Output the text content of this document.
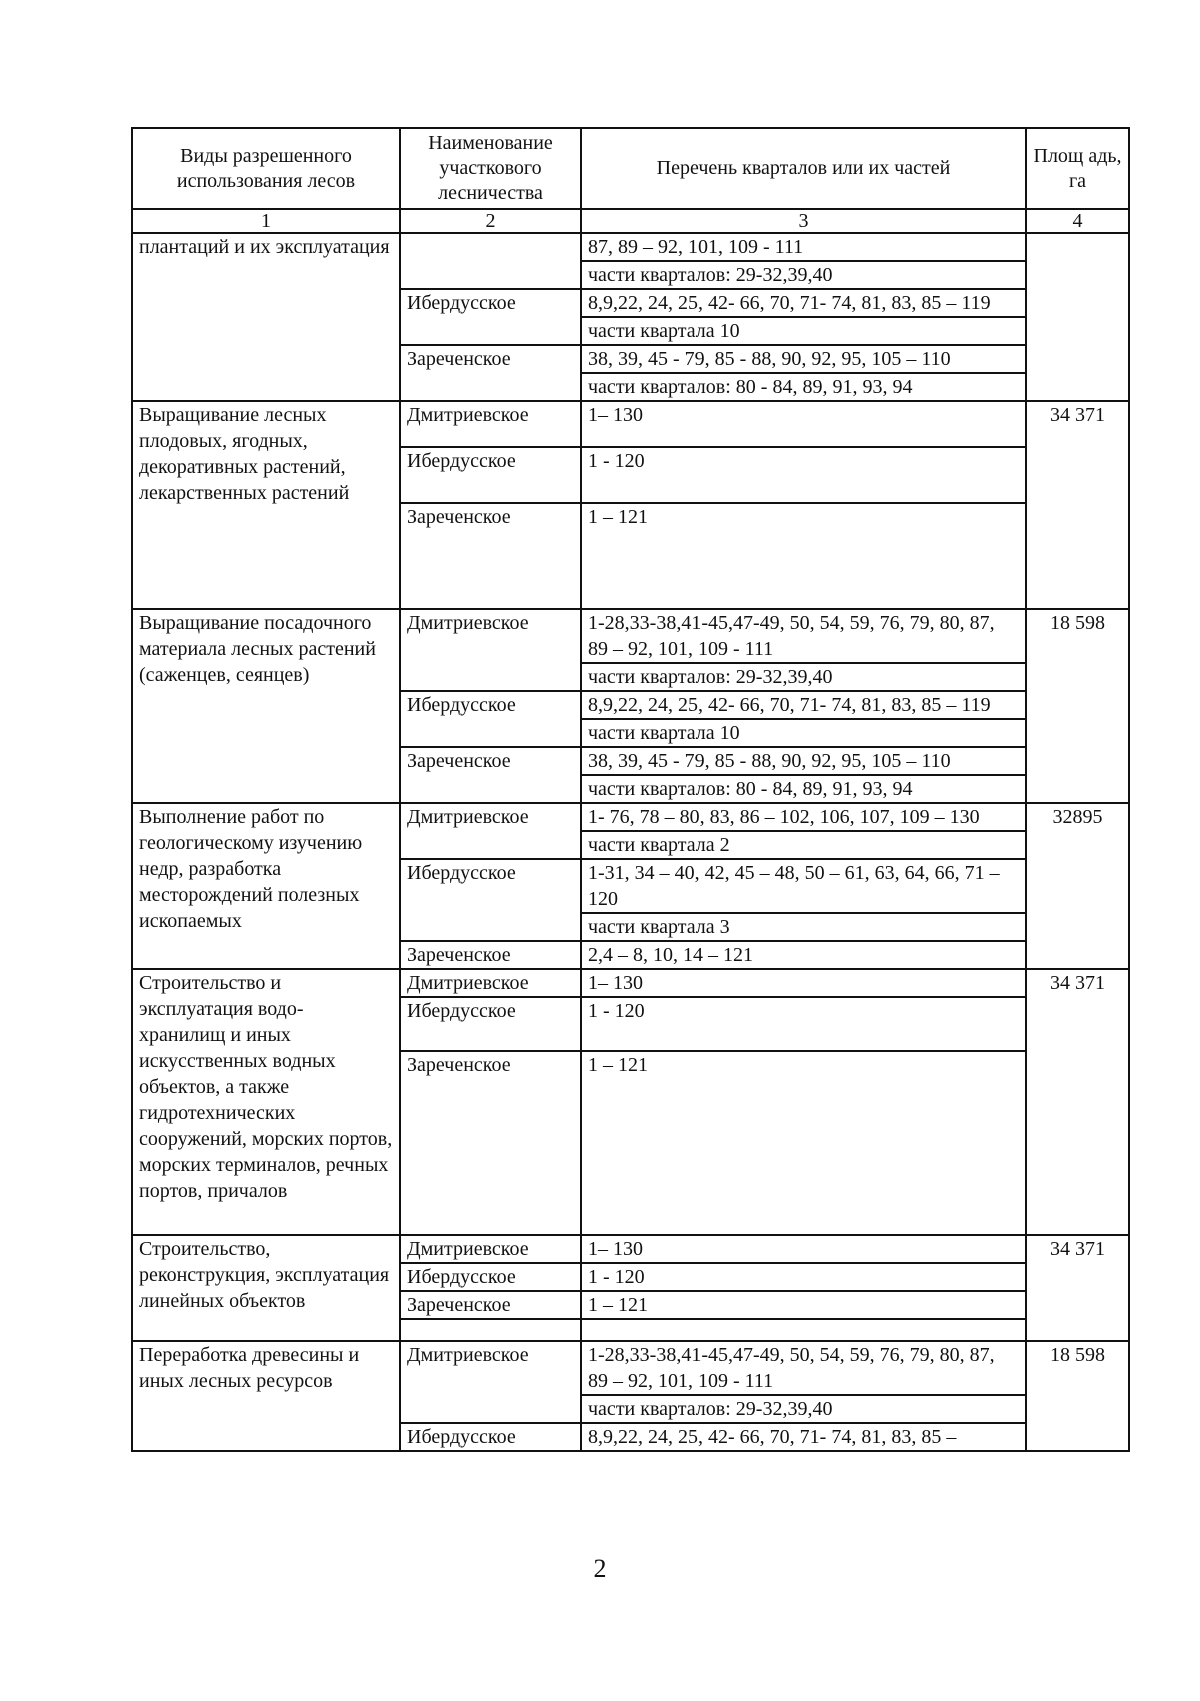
Виды разрешенного использования лесов	Наименование участкового лесничества	Перечень кварталов или их частей	Площ адь, га
1	2	3	4
плантаций и их эксплуатация		87, 89 – 92, 101, 109 - 111	
		части кварталов: 29-32,39,40	
	Ибердусское	8,9,22, 24, 25, 42- 66, 70, 71- 74, 81, 83, 85 – 119	
		части квартала 10	
	Зареченское	38, 39, 45 - 79, 85 - 88, 90, 92, 95, 105 – 110	
		части кварталов: 80 - 84, 89, 91, 93, 94	
Выращивание лесных плодовых, ягодных, декоративных растений, лекарственных растений	Дмитриевское	1– 130	34 371
	Ибердусское	1 - 120	
	Зареченское	1 – 121	
Выращивание посадочного материала лесных растений (саженцев, сеянцев)	Дмитриевское	1-28,33-38,41-45,47-49, 50, 54, 59, 76, 79, 80, 87, 89 – 92, 101, 109 - 111	18 598
		части кварталов: 29-32,39,40	
	Ибердусское	8,9,22, 24, 25, 42- 66, 70, 71- 74, 81, 83, 85 – 119	
		части квартала 10	
	Зареченское	38, 39, 45 - 79, 85 - 88, 90, 92, 95, 105 – 110	
		части кварталов: 80 - 84, 89, 91, 93, 94	
Выполнение работ по геологическому изучению недр, разработка месторождений полезных ископаемых	Дмитриевское	1- 76, 78 – 80, 83, 86 – 102, 106, 107, 109 – 130	32895
		части квартала 2	
	Ибердусское	1-31, 34 – 40, 42, 45 – 48, 50 – 61, 63, 64, 66, 71 – 120	
		части квартала 3	
	Зареченское	2,4 – 8, 10, 14 – 121	
Строительство и эксплуатация водо- хранилищ и иных искусственных водных объектов, а также гидротехнических сооружений, морских портов, морских терминалов, речных портов, причалов	Дмитриевское	1– 130	34 371
	Ибердусское	1 - 120	
	Зареченское	1 – 121	
Строительство, реконструкция, эксплуатация линейных объектов	Дмитриевское	1– 130	34 371
	Ибердусское	1 - 120	
	Зареченское	1 – 121	

Переработка древесины и иных лесных ресурсов	Дмитриевское	1-28,33-38,41-45,47-49, 50, 54, 59, 76, 79, 80, 87, 89 – 92, 101, 109 - 111	18 598
		части кварталов: 29-32,39,40	
	Ибердусское	8,9,22, 24, 25, 42- 66, 70, 71- 74, 81, 83, 85 –	
2
